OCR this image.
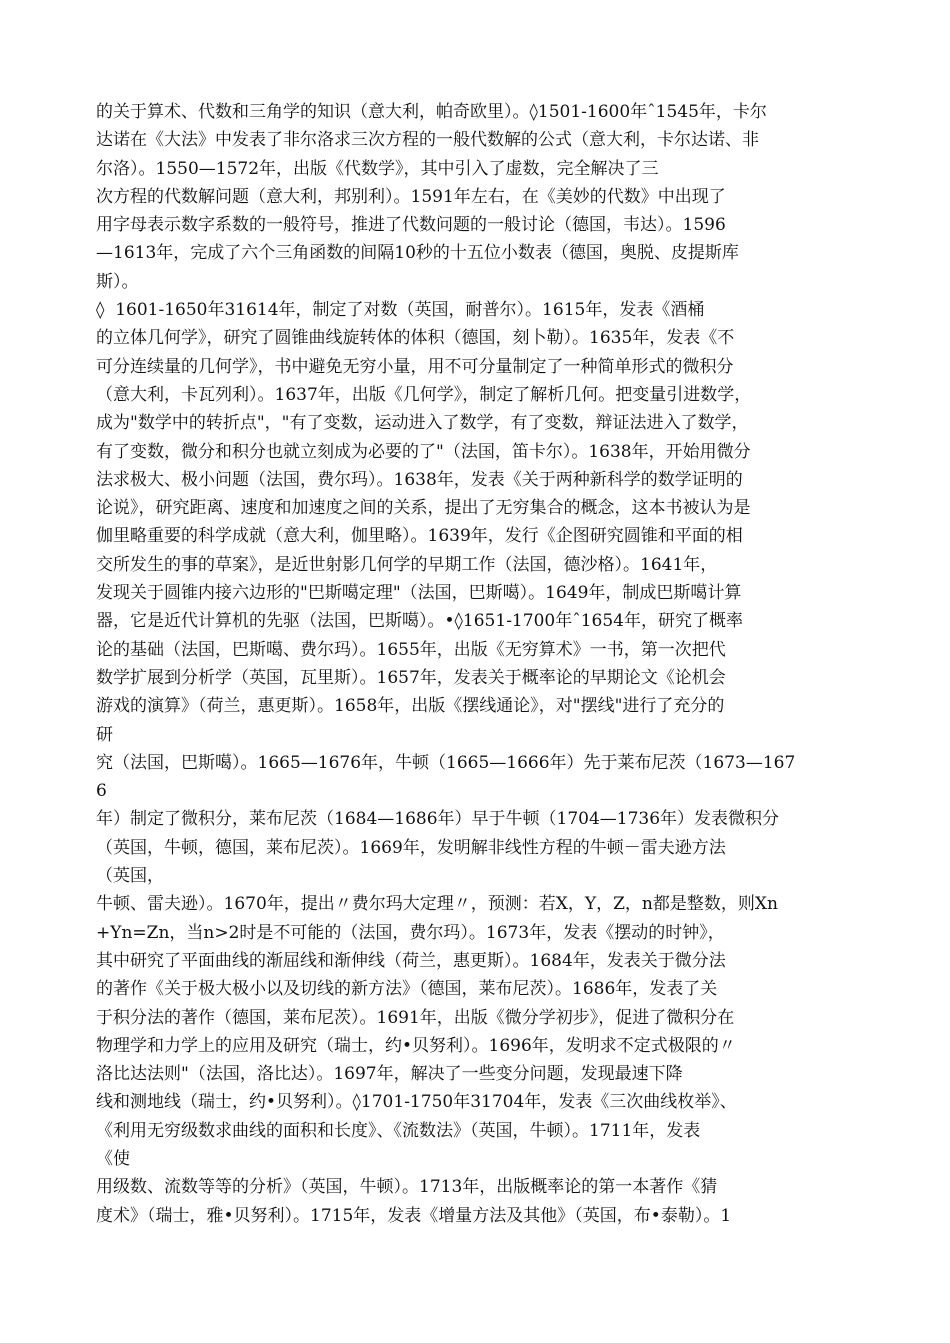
的关于算术、代数和三角学的知识（意大利，帕奇欧里）。◊1501-1600年ˆ1545年，卡尔
达诺在《大法》中发表了非尔洛求三次方程的一般代数解的公式（意大利，卡尔达诺、非
尔洛）。1550—1572年，出版《代数学》，其中引入了虚数，完全解决了三
次方程的代数解问题（意大利，邦别利）。1591年左右，在《美妙的代数》中出现了
用字母表示数字系数的一般符号，推进了代数问题的一般讨论（德国，韦达）。1596
—1613年，完成了六个三角函数的间隔10秒的十五位小数表（德国，奥脱、皮提斯库
斯）。
◊  1601-1650年31614年，制定了对数（英国，耐普尔）。1615年，发表《酒桶
的立体几何学》，研究了圆锥曲线旋转体的体积（德国，刻卜勒）。1635年，发表《不
可分连续量的几何学》，书中避免无穷小量，用不可分量制定了一种简单形式的微积分
（意大利，卡瓦列利）。1637年，出版《几何学》，制定了解析几何。把变量引进数学，
成为"数学中的转折点"，"有了变数，运动进入了数学，有了变数，辩证法进入了数学，
有了变数，微分和积分也就立刻成为必要的了"（法国，笛卡尔）。1638年，开始用微分
法求极大、极小问题（法国，费尔玛）。1638年，发表《关于两种新科学的数学证明的
论说》，研究距离、速度和加速度之间的关系，提出了无穷集合的概念，这本书被认为是
伽里略重要的科学成就（意大利，伽里略）。1639年，发行《企图研究圆锥和平面的相
交所发生的事的草案》，是近世射影几何学的早期工作（法国，德沙格）。1641年，
发现关于圆锥内接六边形的"巴斯噶定理"（法国，巴斯噶）。1649年，制成巴斯噶计算
器，它是近代计算机的先驱（法国，巴斯噶）。•◊1651-1700年ˆ1654年，研究了概率
论的基础（法国，巴斯噶、费尔玛）。1655年，出版《无穷算术》一书，第一次把代
数学扩展到分析学（英国，瓦里斯）。1657年，发表关于概率论的早期论文《论机会
游戏的演算》（荷兰，惠更斯）。1658年，出版《摆线通论》，对"摆线"进行了充分的
研
究（法国，巴斯噶）。1665—1676年，牛顿（1665—1666年）先于莱布尼茨（1673—167
6
年）制定了微积分，莱布尼茨（1684—1686年）早于牛顿（1704—1736年）发表微积分
（英国，牛顿，德国，莱布尼茨）。1669年，发明解非线性方程的牛顿－雷夫逊方法
（英国，
牛顿、雷夫逊）。1670年，提出〃费尔玛大定理〃，预测：若X，Y，Z，n都是整数，则Xn
+Yn=Zn，当n>2时是不可能的（法国，费尔玛）。1673年，发表《摆动的时钟》，
其中研究了平面曲线的渐屈线和渐伸线（荷兰，惠更斯）。1684年，发表关于微分法
的著作《关于极大极小以及切线的新方法》（德国，莱布尼茨）。1686年，发表了关
于积分法的著作（德国，莱布尼茨）。1691年，出版《微分学初步》，促进了微积分在
物理学和力学上的应用及研究（瑞士，约•贝努利）。1696年，发明求不定式极限的〃
洛比达法则"（法国，洛比达）。1697年，解决了一些变分问题，发现最速下降
线和测地线（瑞士，约•贝努利）。◊1701-1750年31704年，发表《三次曲线枚举》、
《利用无穷级数求曲线的面积和长度》、《流数法》（英国，牛顿）。1711年，发表
《使
用级数、流数等等的分析》（英国，牛顿）。1713年，出版概率论的第一本著作《猜
度术》（瑞士，雅•贝努利）。1715年，发表《增量方法及其他》（英国，布•泰勒）。1
